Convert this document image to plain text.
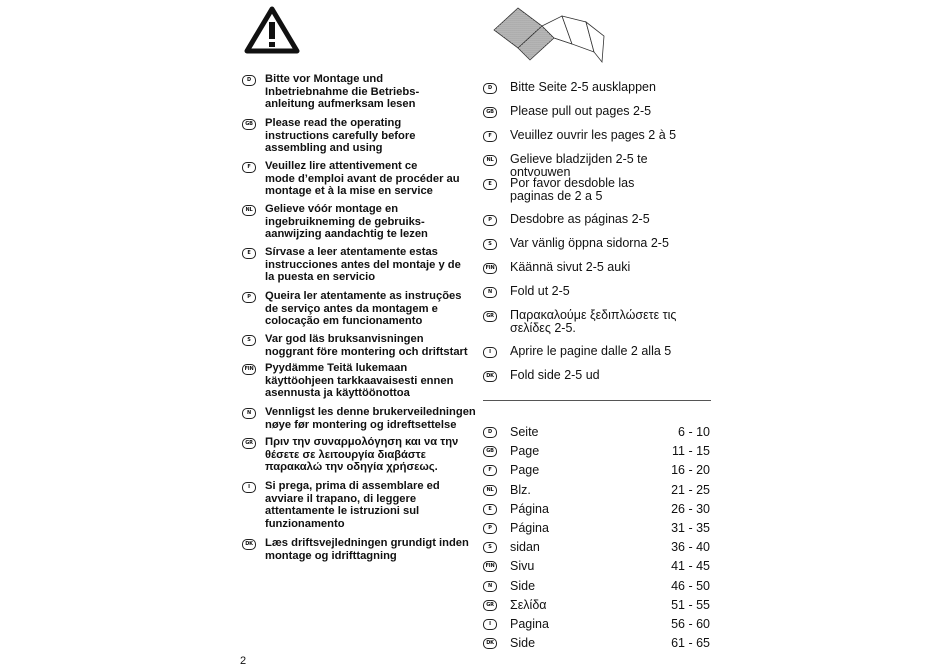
D	Bitte vor Montage und
Inbetriebnahme die Betriebs-
anleitung aufmerksam lesen
GB Please read the operating
instructions carefully before
assembling and using
F	Veuillez lire attentivement ce
mode d’emploi avant de procéder au
montage et à la mise en service
NL	Gelieve vóór montage en
ingebruikneming de gebruiks-
aanwijzing aandachtig te lezen
E	Sírvase a leer atentamente estas
instrucciones antes del montaje y de
la puesta en servicio
P	Queira ler atentamente as instruções
de serviço antes da montagem e
colocação em funcionamento
S	Var god läs bruksanvisningen
noggrant före montering och driftstart
FIN Pyydämme Teitä lukemaan
käyttöohjeen tarkkaavaisesti ennen
asennusta ja käyttöönottoa
N	Vennligst les denne brukerveiledningen
nøye før montering og idreftsettelse
GR Πριν την συναρμολόγηση και να την
θέσετε σε λειτουργία διαβάστε
παρακαλώ την οδηγία χρήσεως.
I	Si prega, prima di assemblare ed
avviare il trapano, di leggere
attentamente le istruzioni sul
funzionamento
DK Læs driftsvejledningen grundigt inden
montage og idrifttagning
D	Bitte Seite 2-5 ausklappen
GB Please pull out pages 2-5
F	Veuillez ouvrir les pages 2 à 5
NL Gelieve bladzijden 2-5 te ontvouwen
E	Por favor desdoble las
paginas de 2 a 5
P	Desdobre as páginas 2-5
S	Var vänlig öppna sidorna 2-5
FIN Käännä sivut 2-5 auki
N	Fold ut 2-5
GR Παρακαλούμε ξεδιπλώσετε τις
σελίδες 2-5.
I	Aprire le pagine dalle 2 alla 5
DK Fold side 2-5 ud
D	Seite	6 - 10
GB Page	11 - 15
F	Page	16 - 20
NL Blz.	21 - 25
E	Página	26 - 30
P	Página	31 - 35
S	sidan	36 - 40
FIN Sivu	41 - 45
N	Side	46 - 50
GR Σελίδα	51 - 55
I	Pagina	56 - 60
DK Side	61 - 65
2
